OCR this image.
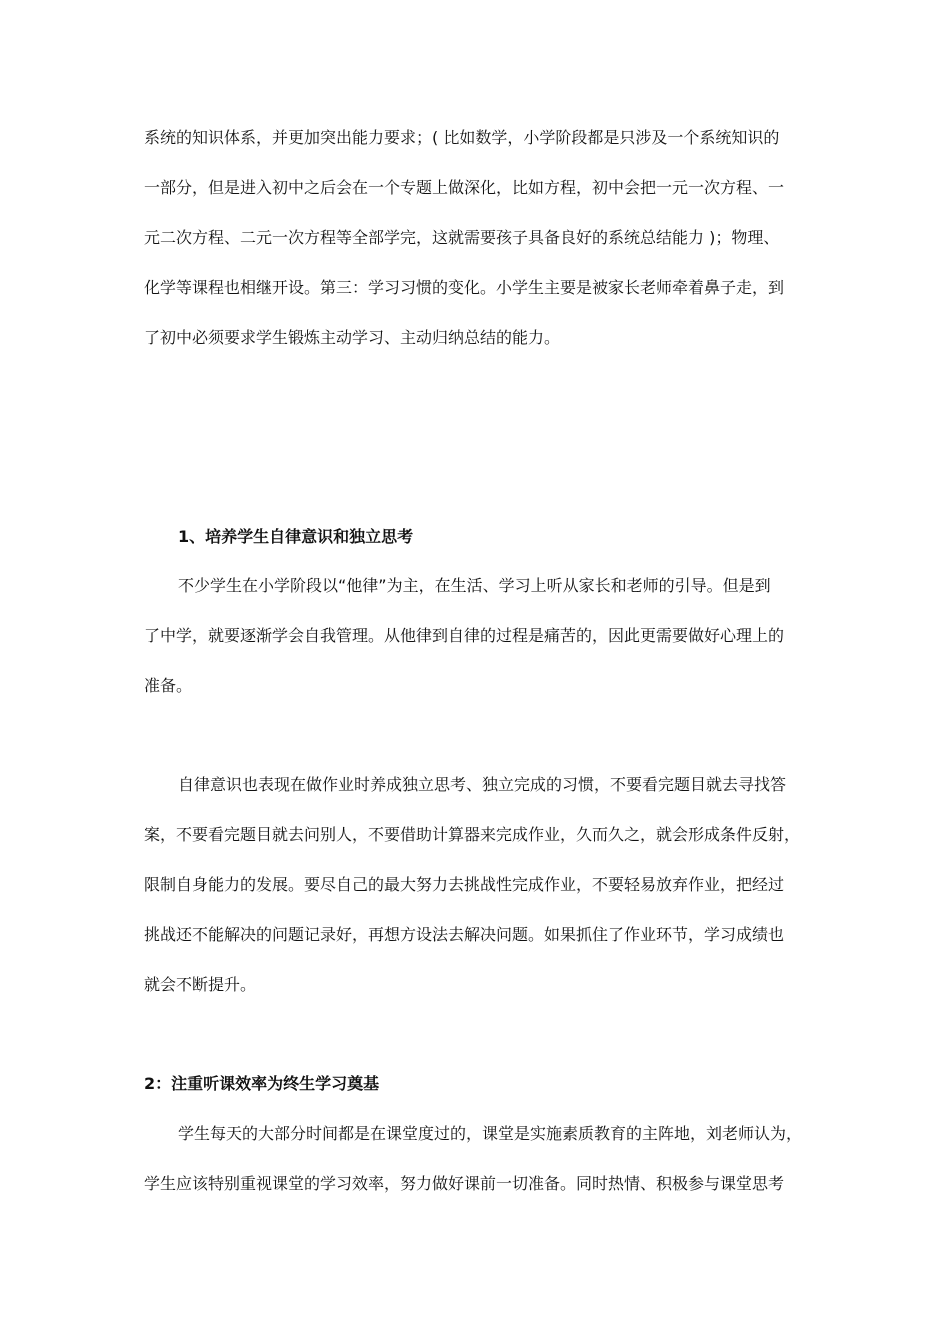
系统的知识体系，并更加突出能力要求；( 比如数学，小学阶段都是只涉及一个系统知识的

一部分，但是进入初中之后会在一个专题上做深化，比如方程，初中会把一元一次方程、一

元二次方程、二元一次方程等全部学完，这就需要孩子具备良好的系统总结能力 )；物理、

化学等课程也相继开设。第三：学习习惯的变化。小学生主要是被家长老师牵着鼻子走，到

了初中必须要求学生锻炼主动学习、主动归纳总结的能力。

1、培养学生自律意识和独立思考

不少学生在小学阶段以“他律”为主，在生活、学习上听从家长和老师的引导。但是到

了中学，就要逐渐学会自我管理。从他律到自律的过程是痛苦的，因此更需要做好心理上的

准备。

自律意识也表现在做作业时养成独立思考、独立完成的习惯，不要看完题目就去寻找答

案，不要看完题目就去问别人，不要借助计算器来完成作业，久而久之，就会形成条件反射，

限制自身能力的发展。要尽自己的最大努力去挑战性完成作业，不要轻易放弃作业，把经过

挑战还不能解决的问题记录好，再想方设法去解决问题。如果抓住了作业环节，学习成绩也

就会不断提升。

2：注重听课效率为终生学习奠基

学生每天的大部分时间都是在课堂度过的，课堂是实施素质教育的主阵地，刘老师认为，

学生应该特别重视课堂的学习效率，努力做好课前一切准备。同时热情、积极参与课堂思考
